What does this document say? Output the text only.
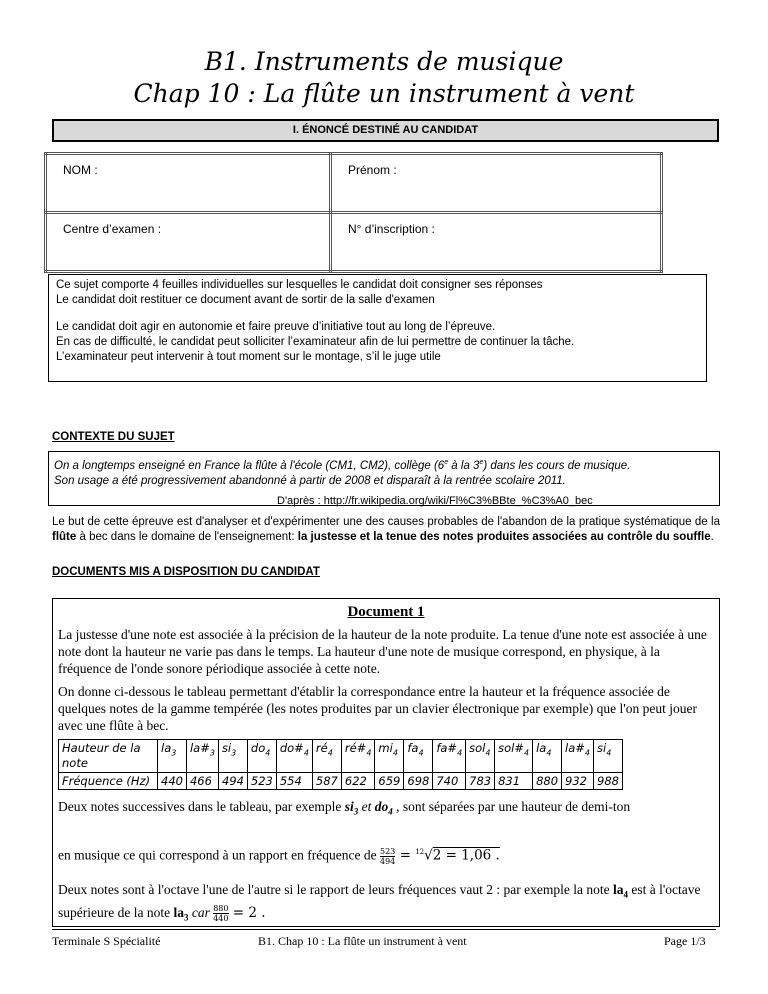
B1. Instruments de musique
Chap 10 : La flûte un instrument à vent
I. ÉNONCÉ DESTINÉ AU CANDIDAT
NOM :	Prénom :
Centre d’examen :	N° d’inscription :
Ce sujet comporte 4 feuilles individuelles sur lesquelles le candidat doit consigner ses réponses
Le candidat doit restituer ce document avant de sortir de la salle d'examen
Le candidat doit agir en autonomie et faire preuve d’initiative tout au long de l’épreuve.
En cas de difficulté, le candidat peut solliciter l’examinateur afin de lui permettre de continuer la tâche.
L’examinateur peut intervenir à tout moment sur le montage, s’il le juge utile
CONTEXTE DU SUJET
On a longtemps enseigné en France la flûte à l'école (CM1, CM2), collège (6e à la 3e) dans les cours de musique.
Son usage a été progressivement abandonné à partir de 2008 et disparaît à la rentrée scolaire 2011.
D'après : http://fr.wikipedia.org/wiki/Fl%C3%BBte_%C3%A0_bec
Le but de cette épreuve est d'analyser et d'expérimenter une des causes probables de l'abandon de la pratique systématique de la flûte à bec dans le domaine de l'enseignement: la justesse et la tenue des notes produites associées au contrôle du souffle.
DOCUMENTS MIS A DISPOSITION DU CANDIDAT
Document 1
La justesse d'une note est associée à la précision de la hauteur de la note produite. La tenue d'une note est associée à une note dont la hauteur ne varie pas dans le temps. La hauteur d'une note de musique correspond, en physique, à la fréquence de l'onde sonore périodique associée à cette note.
On donne ci-dessous le tableau permettant d'établir la correspondance entre la hauteur et la fréquence associée de quelques notes de la gamme tempérée (les notes produites par un clavier électronique par exemple) que l'on peut jouer avec une flûte à bec.
Hauteur de la note	$la_3$	$la\#_3$	$si_3$	$do_4$	$do\#_4$	$ré_4$	$ré\#_4$	$mi_4$	$fa_4$	$fa\#_4$	sol$_4$	$sol\#_4$	$la_4$	$la\#_4$	$si_4$
Fréquence (Hz)	440	466	494	523	554	587	622	659	698	740	783	831	880	932	988
Deux notes successives dans le tableau, par exemple $si_3$ et $do_4$ , sont séparées par une hauteur de demi-ton
en musique ce qui correspond à un rapport en fréquence de $\frac{523}{494} = ^{12}√2 = 1,06$ .
Deux notes sont à l'octave l'une de l'autre si le rapport de leurs fréquences vaut 2 : par exemple la note $la_4$ est à l'octave supérieure de la note $la_3$ car $\frac{880}{440} = 2$ .
Terminale S Spécialité	B1. Chap 10 : La flûte un instrument à vent	Page 1/3
